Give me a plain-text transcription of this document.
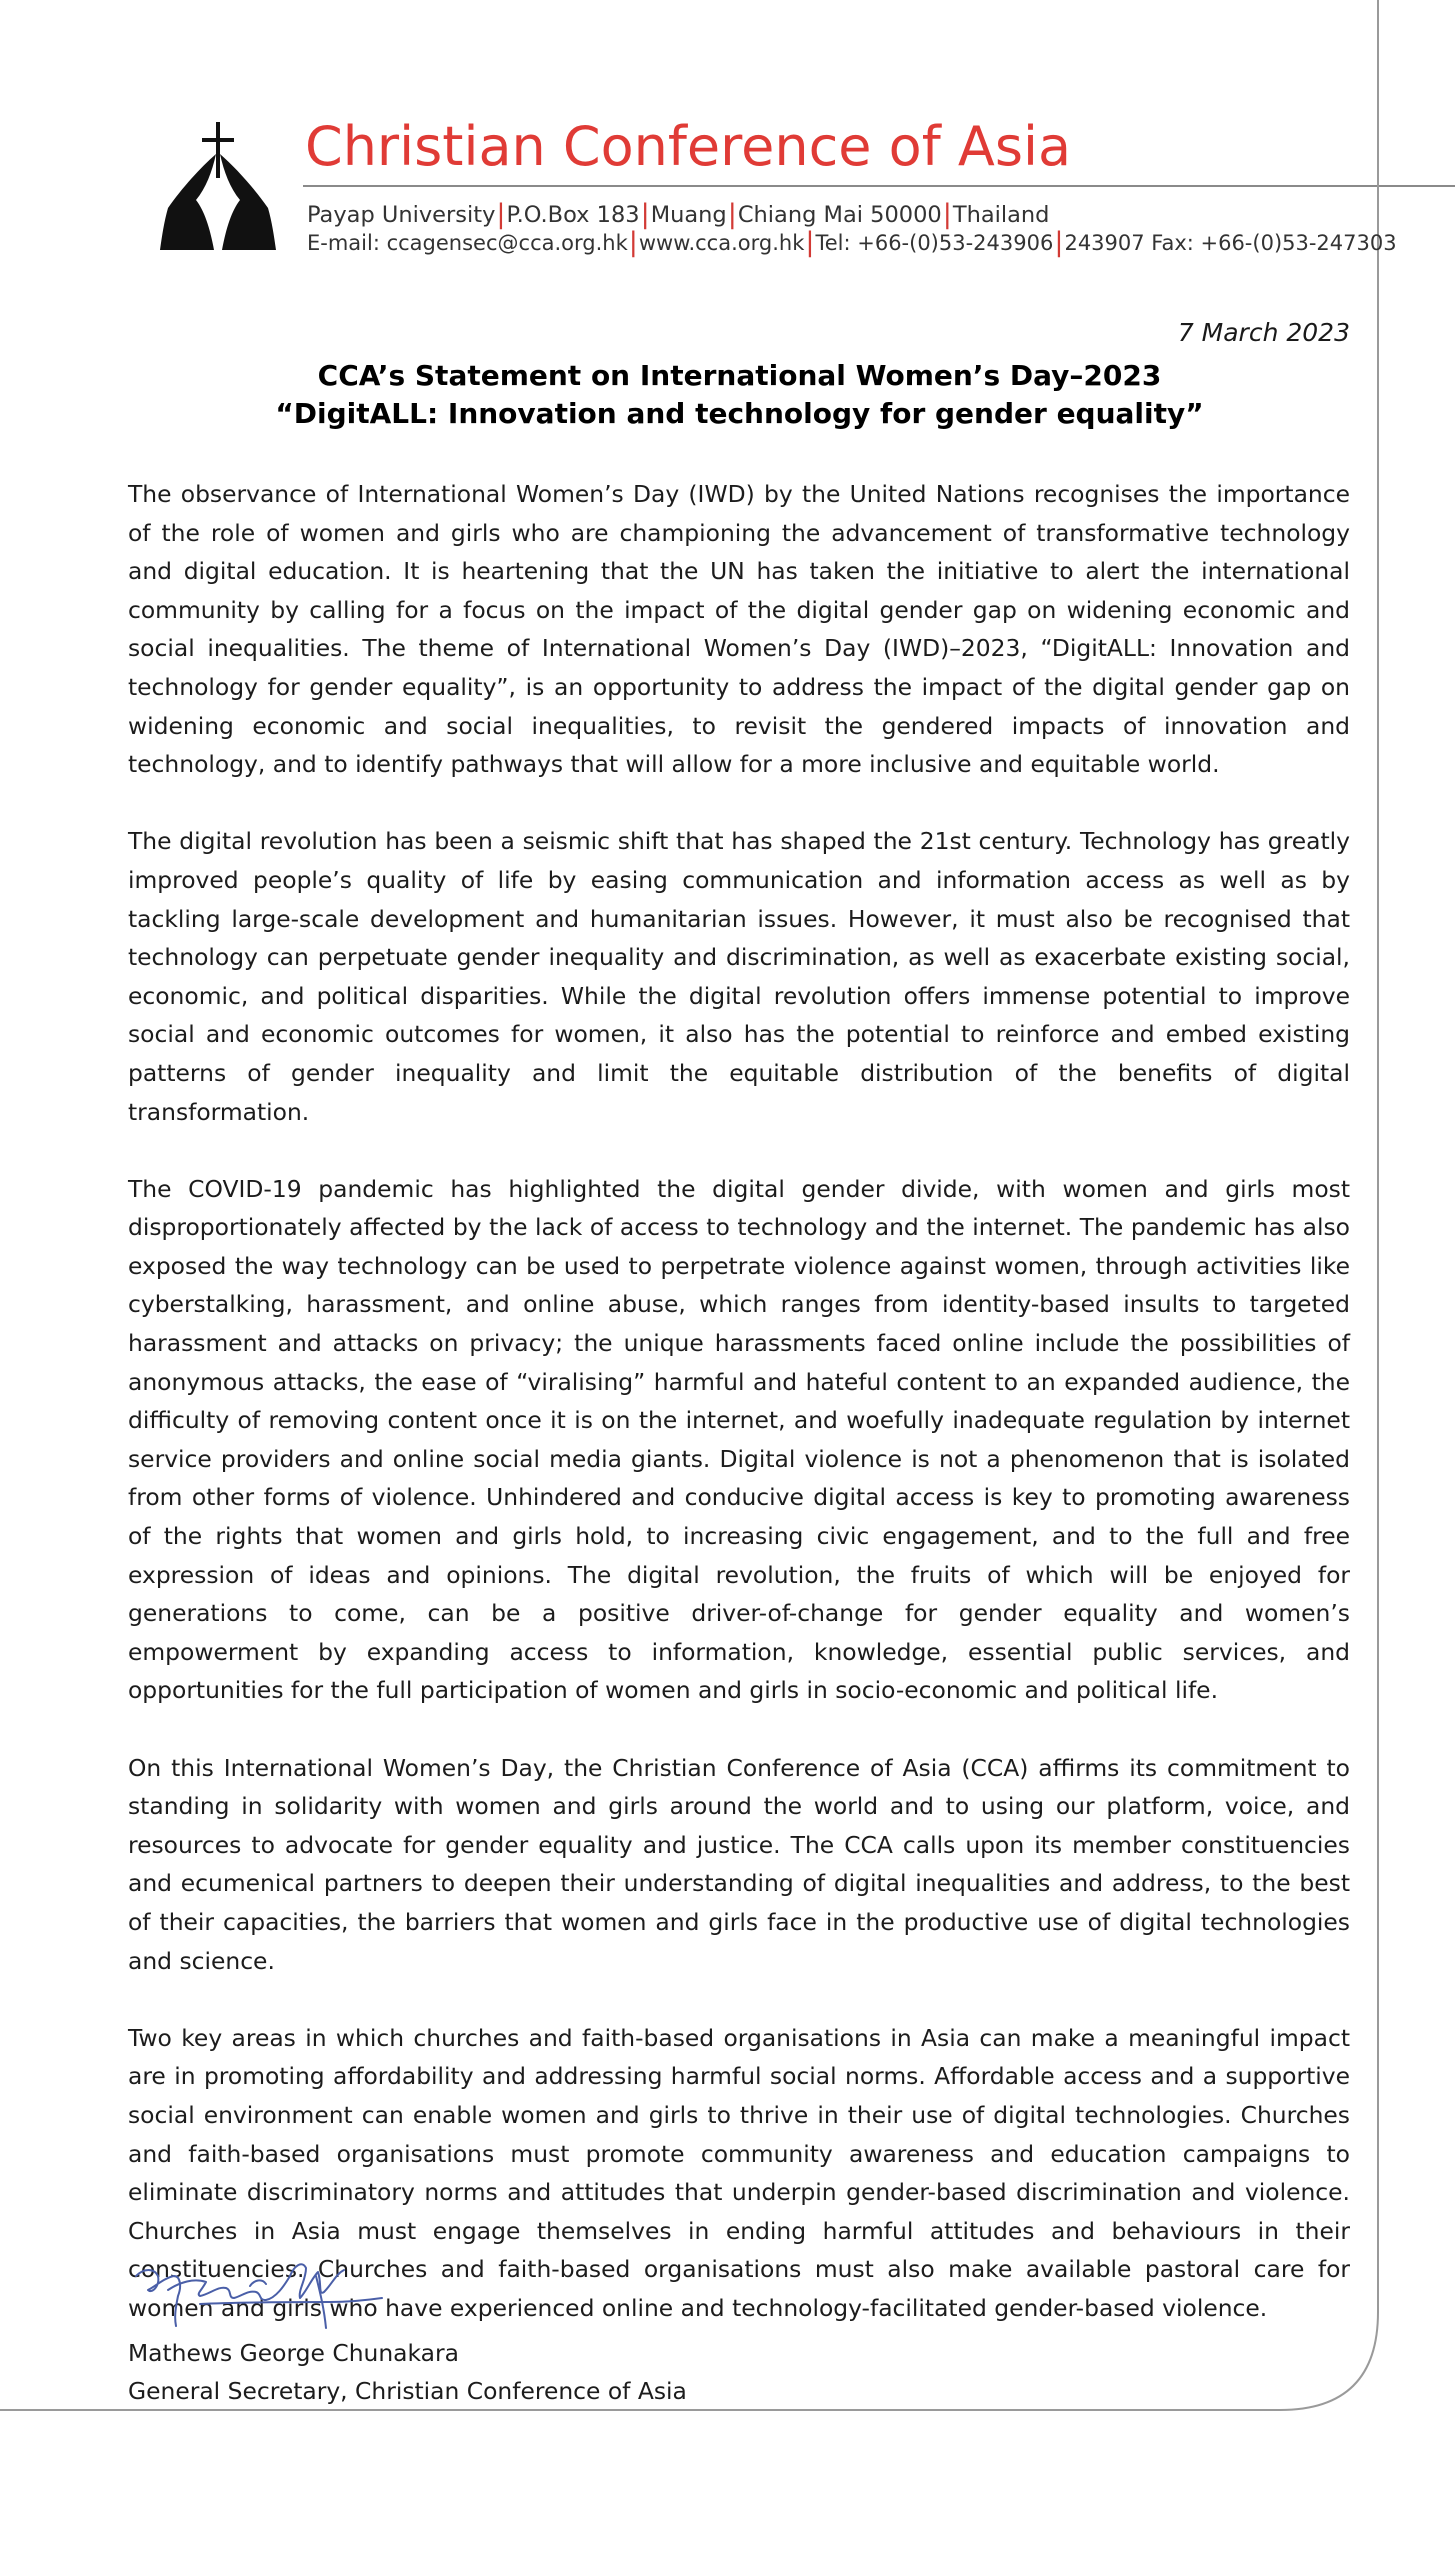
Christian Conference of Asia
Payap University|P.O.Box 183|Muang|Chiang Mai 50000|Thailand
E-mail: ccagensec@cca.org.hk|www.cca.org.hk|Tel: +66-(0)53-243906|243907 Fax: +66-(0)53-247303
7 March 2023
CCA’s Statement on International Women’s Day–2023
“DigitALL: Innovation and technology for gender equality”

The observance of International Women’s Day (IWD) by the United Nations recognises the importance of the role of women and girls who are championing the advancement of transformative technology and digital education. It is heartening that the UN has taken the initiative to alert the international community by calling for a focus on the impact of the digital gender gap on widening economic and social inequalities. The theme of International Women’s Day (IWD)–2023, “DigitALL: Innovation and technology for gender equality”, is an opportunity to address the impact of the digital gender gap on widening economic and social inequalities, to revisit the gendered impacts of innovation and technology, and to identify pathways that will allow for a more inclusive and equitable world.

The digital revolution has been a seismic shift that has shaped the 21st century. Technology has greatly improved people’s quality of life by easing communication and information access as well as by tackling large-scale development and humanitarian issues. However, it must also be recognised that technology can perpetuate gender inequality and discrimination, as well as exacerbate existing social, economic, and political disparities. While the digital revolution offers immense potential to improve social and economic outcomes for women, it also has the potential to reinforce and embed existing patterns of gender inequality and limit the equitable distribution of the benefits of digital transformation.

The COVID-19 pandemic has highlighted the digital gender divide, with women and girls most disproportionately affected by the lack of access to technology and the internet. The pandemic has also exposed the way technology can be used to perpetrate violence against women, through activities like cyberstalking, harassment, and online abuse, which ranges from identity-based insults to targeted harassment and attacks on privacy; the unique harassments faced online include the possibilities of anonymous attacks, the ease of “viralising” harmful and hateful content to an expanded audience, the difficulty of removing content once it is on the internet, and woefully inadequate regulation by internet service providers and online social media giants. Digital violence is not a phenomenon that is isolated from other forms of violence. Unhindered and conducive digital access is key to promoting awareness of the rights that women and girls hold, to increasing civic engagement, and to the full and free expression of ideas and opinions. The digital revolution, the fruits of which will be enjoyed for generations to come, can be a positive driver-of-change for gender equality and women’s empowerment by expanding access to information, knowledge, essential public services, and opportunities for the full participation of women and girls in socio-economic and political life.

On this International Women’s Day, the Christian Conference of Asia (CCA) affirms its commitment to standing in solidarity with women and girls around the world and to using our platform, voice, and resources to advocate for gender equality and justice. The CCA calls upon its member constituencies and ecumenical partners to deepen their understanding of digital inequalities and address, to the best of their capacities, the barriers that women and girls face in the productive use of digital technologies and science.

Two key areas in which churches and faith-based organisations in Asia can make a meaningful impact are in promoting affordability and addressing harmful social norms. Affordable access and a supportive social environment can enable women and girls to thrive in their use of digital technologies. Churches and faith-based organisations must promote community awareness and education campaigns to eliminate discriminatory norms and attitudes that underpin gender-based discrimination and violence. Churches in Asia must engage themselves in ending harmful attitudes and behaviours in their constituencies. Churches and faith-based organisations must also make available pastoral care for women and girls who have experienced online and technology-facilitated gender-based violence.

Mathews George Chunakara
General Secretary, Christian Conference of Asia
